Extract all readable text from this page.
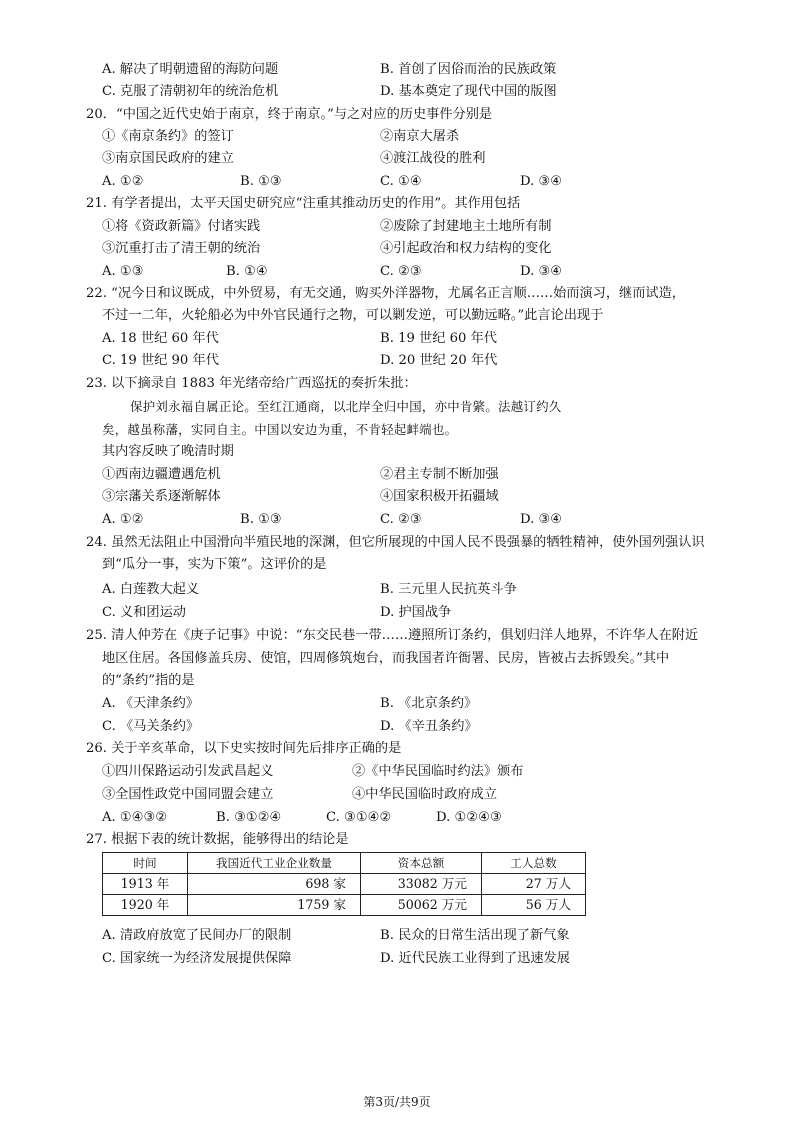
A. 解决了明朝遗留的海防问题	B. 首创了因俗而治的民族政策
C. 克服了清朝初年的统治危机	D. 基本奠定了现代中国的版图
20．“中国之近代史始于南京，终于南京。”与之对应的历史事件分别是
①《南京条约》的签订	②南京大屠杀
③南京国民政府的建立	④渡江战役的胜利
A. ①②	B. ①③	C. ①④	D. ③④
21. 有学者提出，太平天国史研究应“注重其推动历史的作用”。其作用包括
①将《资政新篇》付诸实践	②废除了封建地主土地所有制
③沉重打击了清王朝的统治	④引起政治和权力结构的变化
A. ①③	B. ①④	C. ②③	D. ③④
22. “况今日和议既成，中外贸易，有无交通，购买外洋器物，尤属名正言顺……始而演习，继而试造，
不过一二年，火轮船必为中外官民通行之物，可以剿发逆，可以勤远略。”此言论出现于
A. 18 世纪 60 年代	B. 19 世纪 60 年代
C. 19 世纪 90 年代	D. 20 世纪 20 年代
23. 以下摘录自 1883 年光绪帝给广西巡抚的奏折朱批：
保护刘永福自属正论。至红江通商，以北岸全归中国，亦中肯綮。法越订约久
矣，越虽称藩，实同自主。中国以安边为重，不肯轻起衅端也。
其内容反映了晚清时期
①西南边疆遭遇危机	②君主专制不断加强
③宗藩关系逐渐解体	④国家积极开拓疆域
A. ①②	B. ①③	C. ②③	D. ③④
24. 虽然无法阻止中国滑向半殖民地的深渊，但它所展现的中国人民不畏强暴的牺牲精神，使外国列强认识
到“瓜分一事，实为下策”。这评价的是
A. 白莲教大起义	B. 三元里人民抗英斗争
C. 义和团运动	D. 护国战争
25. 清人仲芳在《庚子记事》中说：“东交民巷一带……遵照所订条约，俱划归洋人地界，不许华人在附近
地区住居。各国修盖兵房、使馆，四周修筑炮台，而我国者许衙署、民房，皆被占去拆毁矣。”其中
的“条约”指的是
A. 《天津条约》	B. 《北京条约》
C. 《马关条约》	D. 《辛丑条约》
26. 关于辛亥革命，以下史实按时间先后排序正确的是
①四川保路运动引发武昌起义	②《中华民国临时约法》颁布
③全国性政党中国同盟会建立	④中华民国临时政府成立
A. ①④③②	B. ③①②④	C. ③①④②	D. ①②④③
27. 根据下表的统计数据，能够得出的结论是
时间	我国近代工业企业数量	资本总额	工人总数
1913 年	698 家	33082 万元	27 万人
1920 年	1759 家	50062 万元	56 万人
A. 清政府放宽了民间办厂的限制	B. 民众的日常生活出现了新气象
C. 国家统一为经济发展提供保障	D. 近代民族工业得到了迅速发展
第3页/共9页
